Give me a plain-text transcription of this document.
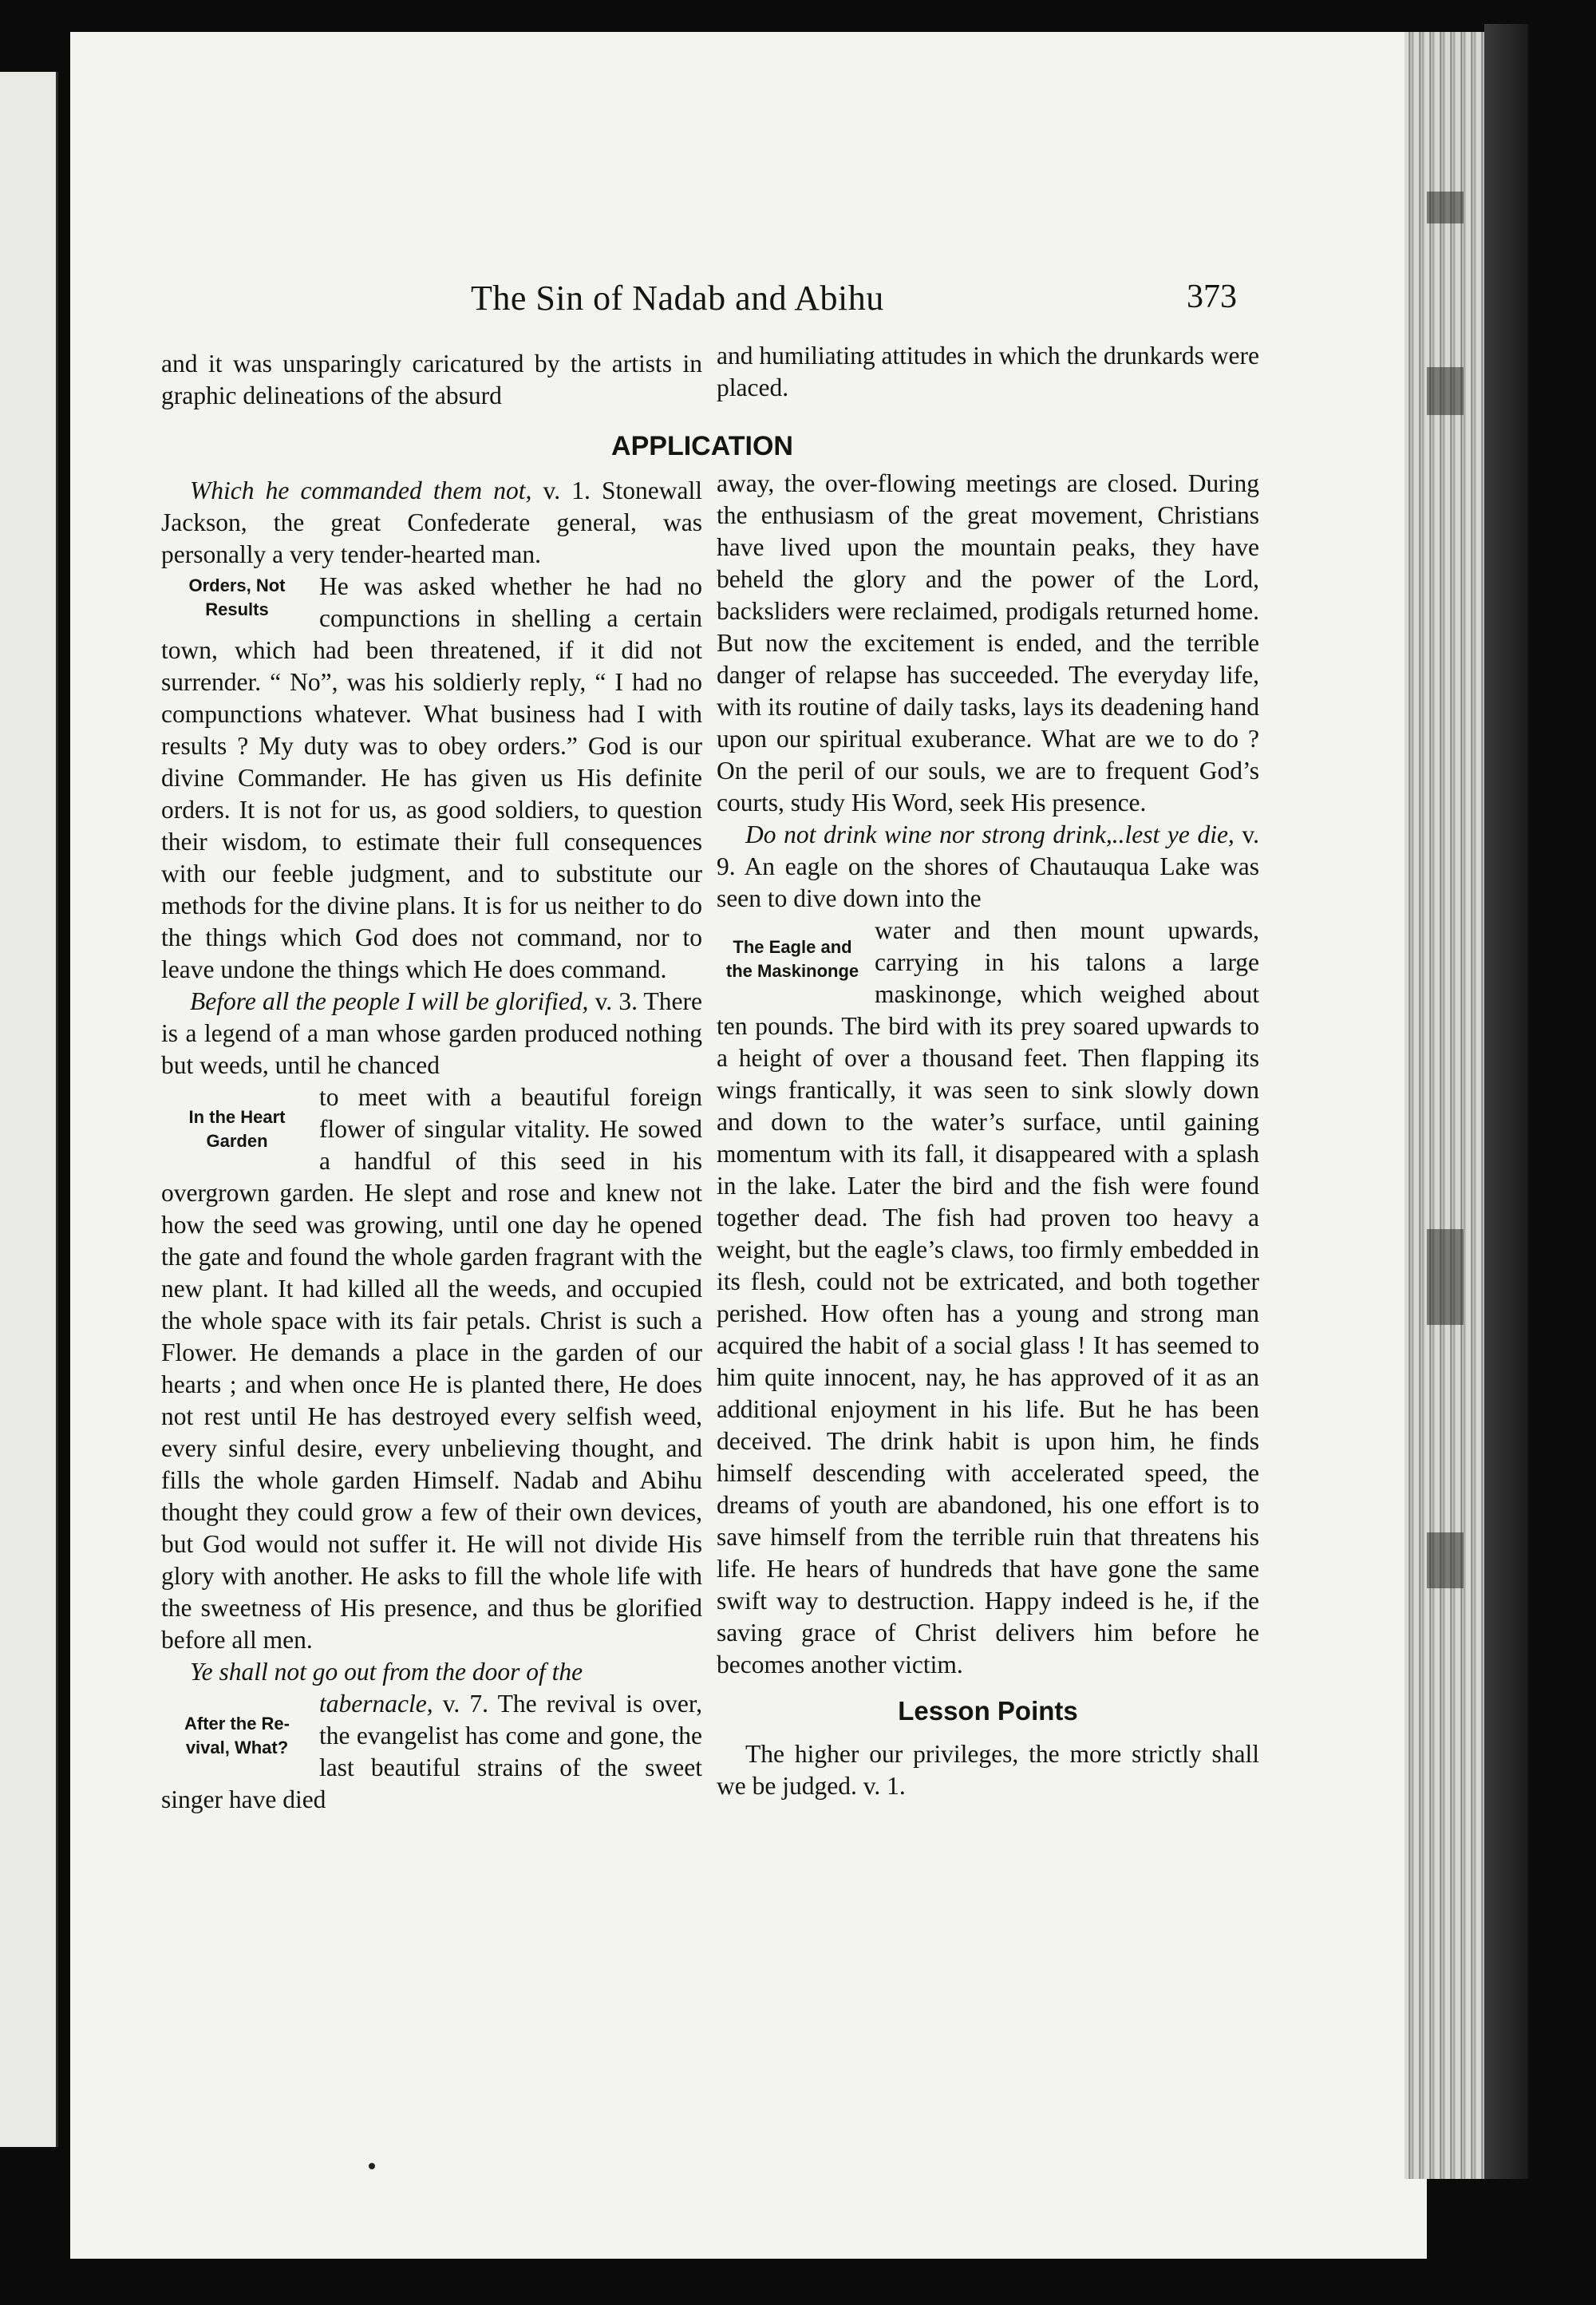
The Sin of Nadab and Abihu	373

and it was unsparingly caricatured by the artists in graphic delineations of the absurd

and humiliating attitudes in which the drunkards were placed.

APPLICATION

Which he commanded them not, v. 1. Stonewall Jackson, the great Confederate general, was personally a very tender-hearted man.

Orders, Not
Results

He was asked whether he had no compunctions in shelling a certain town, which had been threatened, if it did not surrender. “ No”, was his soldierly reply, “ I had no compunctions whatever. What business had I with results ? My duty was to obey orders.” God is our divine Commander. He has given us His definite orders. It is not for us, as good soldiers, to question their wisdom, to estimate their full consequences with our feeble judgment, and to substitute our methods for the divine plans. It is for us neither to do the things which God does not command, nor to leave undone the things which He does command.

Before all the people I will be glorified, v. 3. There is a legend of a man whose garden produced nothing but weeds, until he chanced

In the Heart
Garden

to meet with a beautiful foreign flower of singular vitality. He sowed a handful of this seed in his overgrown garden. He slept and rose and knew not how the seed was growing, until one day he opened the gate and found the whole garden fragrant with the new plant. It had killed all the weeds, and occupied the whole space with its fair petals. Christ is such a Flower. He demands a place in the garden of our hearts ; and when once He is planted there, He does not rest until He has destroyed every selfish weed, every sinful desire, every unbelieving thought, and fills the whole garden Himself. Nadab and Abihu thought they could grow a few of their own devices, but God would not suffer it. He will not divide His glory with another. He asks to fill the whole life with the sweetness of His presence, and thus be glorified before all men.

Ye shall not go out from the door of the

After the Re-
vival, What?

tabernacle, v. 7. The revival is over, the evangelist has come and gone, the last beautiful strains of the sweet singer have died

away, the over-flowing meetings are closed. During the enthusiasm of the great movement, Christians have lived upon the mountain peaks, they have beheld the glory and the power of the Lord, backsliders were reclaimed, prodigals returned home. But now the excitement is ended, and the terrible danger of relapse has succeeded. The everyday life, with its routine of daily tasks, lays its deadening hand upon our spiritual exuberance. What are we to do ? On the peril of our souls, we are to frequent God’s courts, study His Word, seek His presence.

Do not drink wine nor strong drink,..lest ye die, v. 9. An eagle on the shores of Chautauqua Lake was seen to dive down into the

The Eagle and
the Maskinonge

water and then mount upwards, carrying in his talons a large maskinonge, which weighed about ten pounds. The bird with its prey soared upwards to a height of over a thousand feet. Then flapping its wings frantically, it was seen to sink slowly down and down to the water’s surface, until gaining momentum with its fall, it disappeared with a splash in the lake. Later the bird and the fish were found together dead. The fish had proven too heavy a weight, but the eagle’s claws, too firmly embedded in its flesh, could not be extricated, and both together perished. How often has a young and strong man acquired the habit of a social glass ! It has seemed to him quite innocent, nay, he has approved of it as an additional enjoyment in his life. But he has been deceived. The drink habit is upon him, he finds himself descending with accelerated speed, the dreams of youth are abandoned, his one effort is to save himself from the terrible ruin that threatens his life. He hears of hundreds that have gone the same swift way to destruction. Happy indeed is he, if the saving grace of Christ delivers him before he becomes another victim.

Lesson Points

The higher our privileges, the more strictly shall we be judged. v. 1.
